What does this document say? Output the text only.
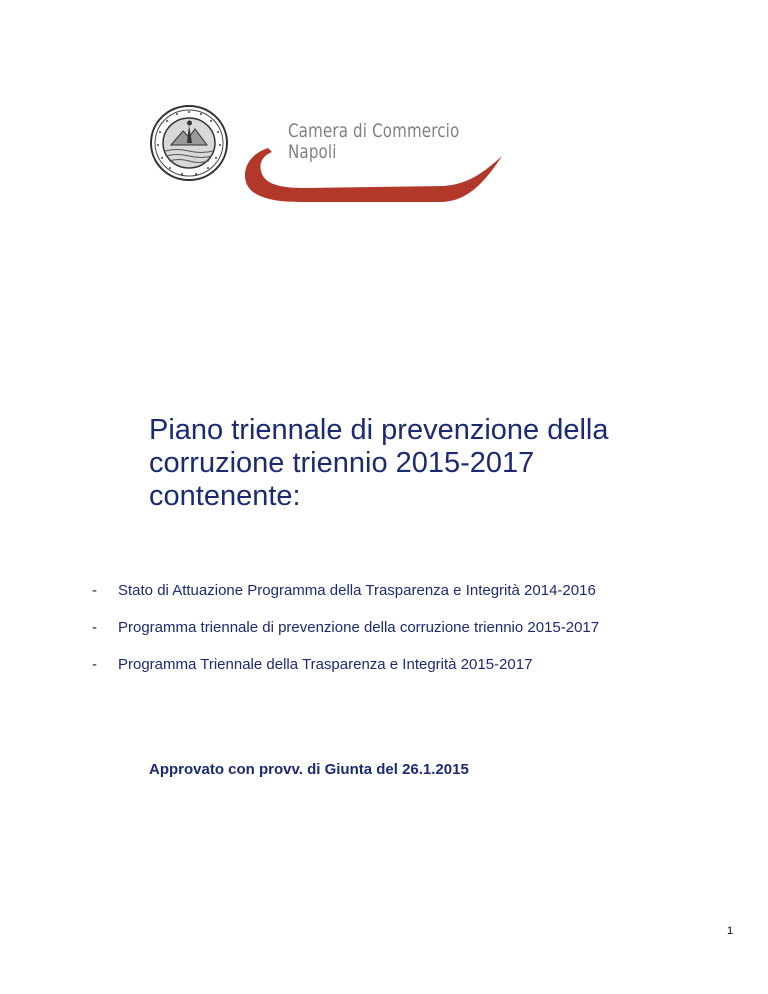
Camera di Commercio
Napoli
Piano triennale di prevenzione della
corruzione triennio 2015-2017
contenente:
- Stato di Attuazione Programma della Trasparenza e Integrità 2014-2016
- Programma triennale di prevenzione della corruzione triennio 2015-2017
- Programma Triennale della Trasparenza e Integrità 2015-2017
Approvato con provv. di Giunta del 26.1.2015
1
